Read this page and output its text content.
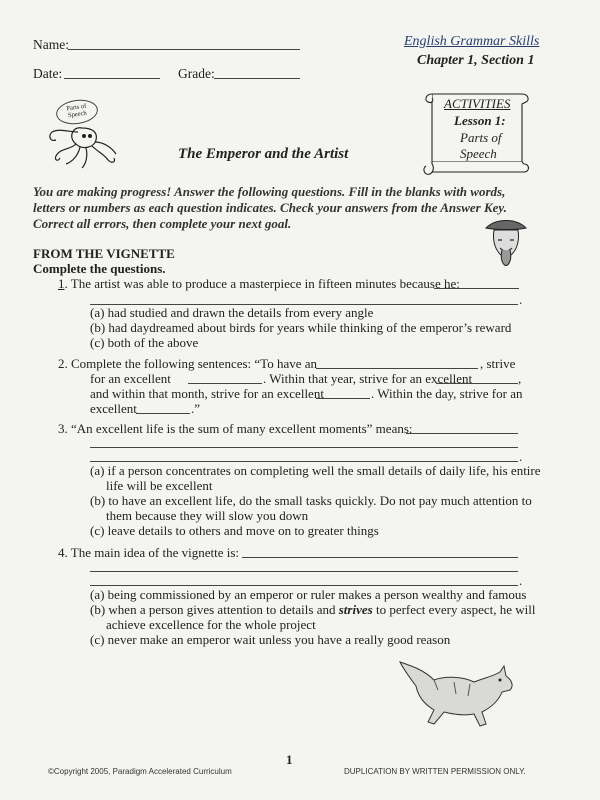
Name:
Date:	Grade:
English Grammar Skills
Chapter 1, Section 1
Parts of Speech
The Emperor and the Artist
ACTIVITIES
Lesson 1:
Parts of
Speech
You are making progress! Answer the following questions. Fill in the blanks with words,
letters or numbers as each question indicates. Check your answers from the Answer Key.
Correct all errors, then complete your next goal.
FROM THE VIGNETTE
Complete the questions.
1. The artist was able to produce a masterpiece in fifteen minutes because he:
.
(a) had studied and drawn the details from every angle
(b) had daydreamed about birds for years while thinking of the emperor’s reward
(c) both of the above
2. Complete the following sentences: “To have an	, strive
for an excellent	. Within that year, strive for an excellent	,
and within that month, strive for an excellent	. Within the day, strive for an
excellent	.”
3. “An excellent life is the sum of many excellent moments” means:
.
(a) if a person concentrates on completing well the small details of daily life, his entire
life will be excellent
(b) to have an excellent life, do the small tasks quickly. Do not pay much attention to
them because they will slow you down
(c) leave details to others and move on to greater things
4. The main idea of the vignette is:
.
(a) being commissioned by an emperor or ruler makes a person wealthy and famous
(b) when a person gives attention to details and strives to perfect every aspect, he will
achieve excellence for the whole project
(c) never make an emperor wait unless you have a really good reason
1
©Copyright 2005, Paradigm Accelerated Curriculum	DUPLICATION BY WRITTEN PERMISSION ONLY.
